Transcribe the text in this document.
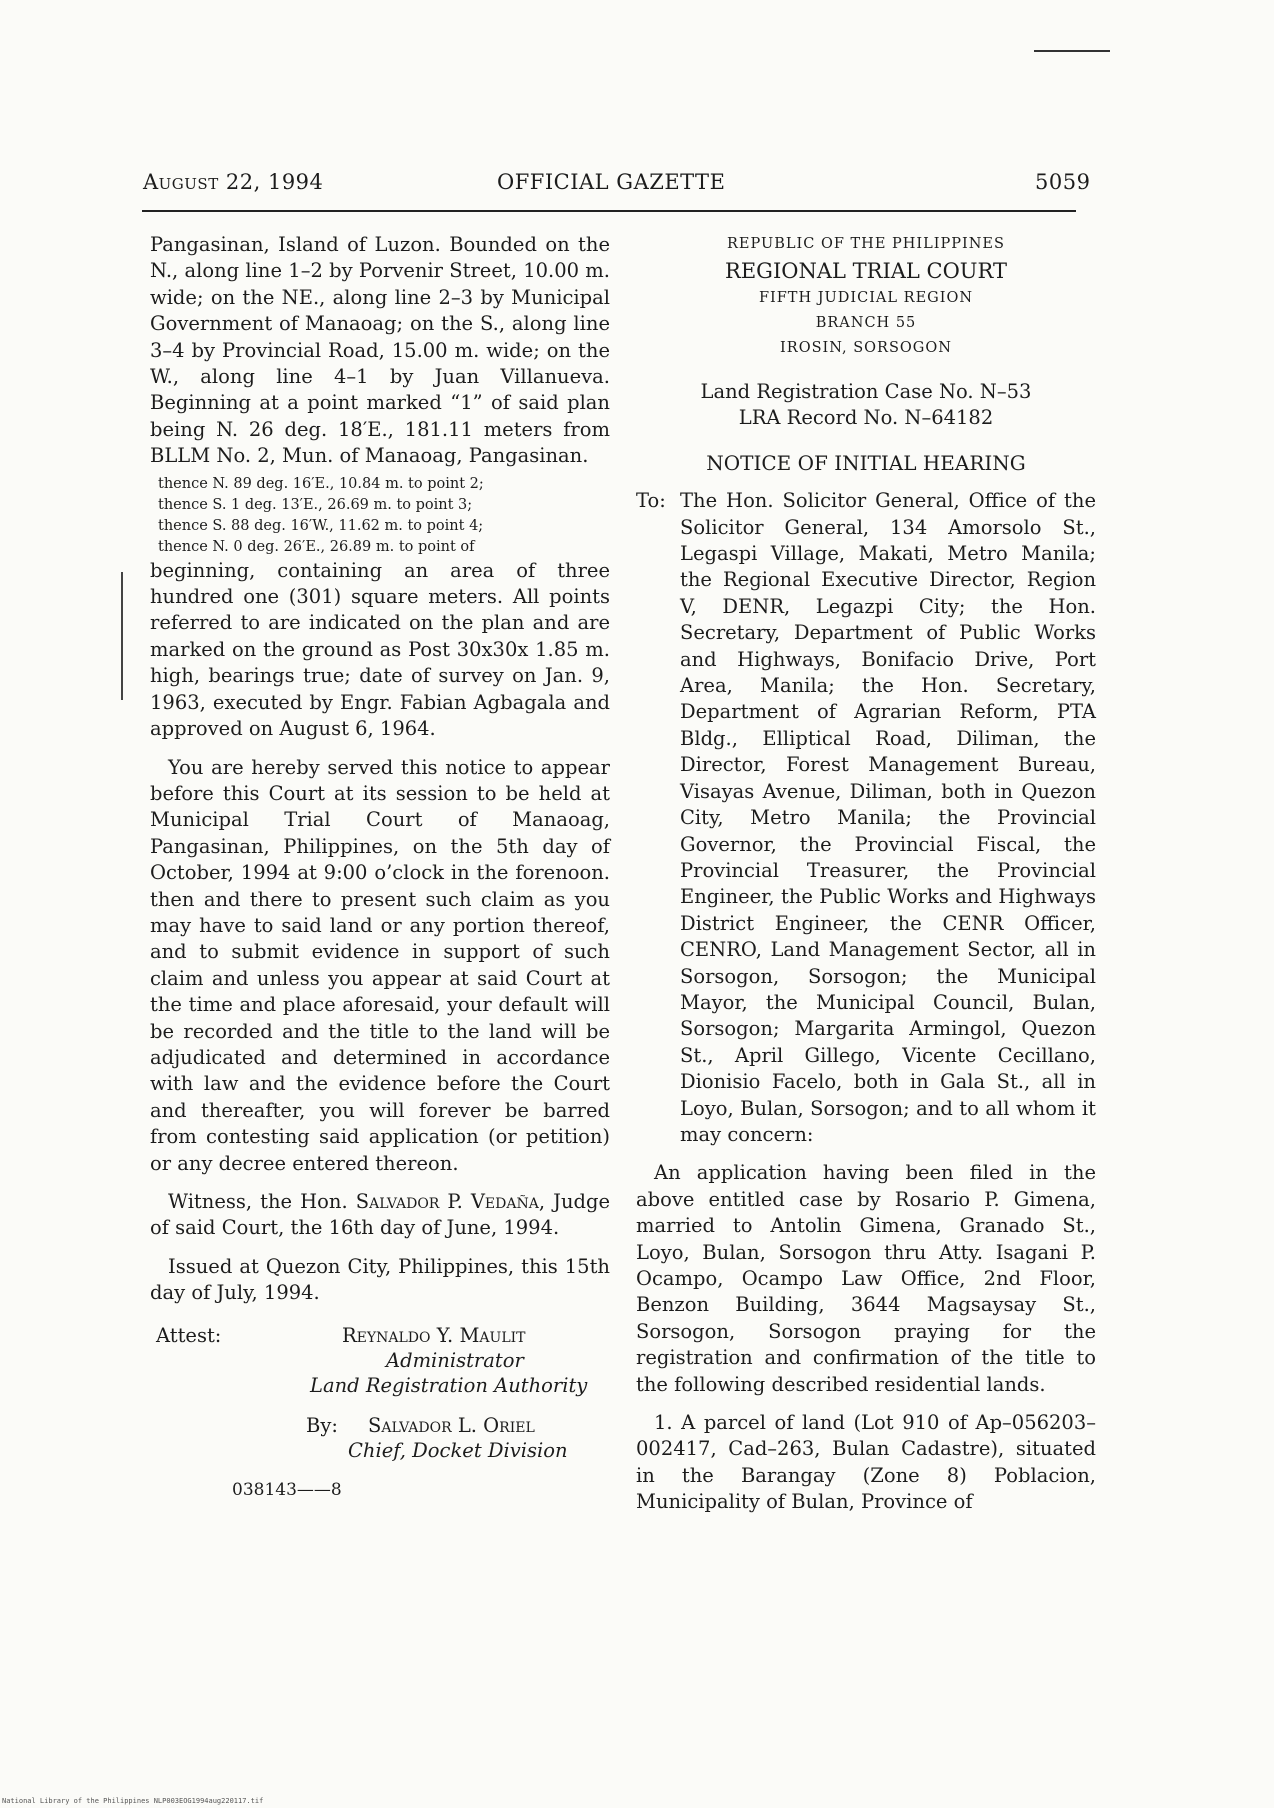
August 22, 1994	OFFICIAL GAZETTE	5059

Pangasinan, Island of Luzon. Bounded on the N., along line 1–2 by Porvenir Street, 10.00 m. wide; on the NE., along line 2–3 by Municipal Government of Manaoag; on the S., along line 3–4 by Provincial Road, 15.00 m. wide; on the W., along line 4–1 by Juan Villanueva. Beginning at a point marked “1” of said plan being N. 26 deg. 18′E., 181.11 meters from BLLM No. 2, Mun. of Manaoag, Pangasinan.

thence N. 89 deg. 16′E., 10.84 m. to point 2;

thence S. 1 deg. 13′E., 26.69 m. to point 3;

thence S. 88 deg. 16′W., 11.62 m. to point 4;

thence N. 0 deg. 26′E., 26.89 m. to point of

beginning, containing an area of three hundred one (301) square meters. All points referred to are indicated on the plan and are marked on the ground as Post 30x30x 1.85 m. high, bearings true; date of survey on Jan. 9, 1963, executed by Engr. Fabian Agbagala and approved on August 6, 1964.

You are hereby served this notice to appear before this Court at its session to be held at Municipal Trial Court of Manaoag, Pangasinan, Philippines, on the 5th day of October, 1994 at 9:00 o’clock in the forenoon. then and there to present such claim as you may have to said land or any portion thereof, and to submit evidence in support of such claim and unless you appear at said Court at the time and place aforesaid, your default will be recorded and the title to the land will be adjudicated and determined in accordance with law and the evidence before the Court and thereafter, you will forever be barred from contesting said application (or petition) or any decree entered thereon.

Witness, the Hon. Salvador P. Vedaña, Judge of said Court, the 16th day of June, 1994.

Issued at Quezon City, Philippines, this 15th day of July, 1994.

Attest:	Reynaldo Y. Maulit
Administrator
Land Registration Authority
By: Salvador L. Oriel
Chief, Docket Division

038143——8

REPUBLIC OF THE PHILIPPINES

REGIONAL TRIAL COURT

FIFTH JUDICIAL REGION

BRANCH 55

IROSIN, SORSOGON

Land Registration Case No. N–53

LRA Record No. N–64182

NOTICE OF INITIAL HEARING

To: The Hon. Solicitor General, Office of the Solicitor General, 134 Amorsolo St., Legaspi Village, Makati, Metro Manila; the Regional Executive Director, Region V, DENR, Legazpi City; the Hon. Secretary, Department of Public Works and Highways, Bonifacio Drive, Port Area, Manila; the Hon. Secretary, Department of Agrarian Reform, PTA Bldg., Elliptical Road, Diliman, the Director, Forest Management Bureau, Visayas Avenue, Diliman, both in Quezon City, Metro Manila; the Provincial Governor, the Provincial Fiscal, the Provincial Treasurer, the Provincial Engineer, the Public Works and Highways District Engineer, the CENR Officer, CENRO, Land Management Sector, all in Sorsogon, Sorsogon; the Municipal Mayor, the Municipal Council, Bulan, Sorsogon; Margarita Armingol, Quezon St., April Gillego, Vicente Cecillano, Dionisio Facelo, both in Gala St., all in Loyo, Bulan, Sorsogon; and to all whom it may concern:

An application having been filed in the above entitled case by Rosario P. Gimena, married to Antolin Gimena, Granado St., Loyo, Bulan, Sorsogon thru Atty. Isagani P. Ocampo, Ocampo Law Office, 2nd Floor, Benzon Building, 3644 Magsaysay St., Sorsogon, Sorsogon praying for the registration and confirmation of the title to the following described residential lands.

1. A parcel of land (Lot 910 of Ap–056203–002417, Cad–263, Bulan Cadastre), situated in the Barangay (Zone 8) Poblacion, Municipality of Bulan, Province of

National Library of the Philippines NLP003EOG1994aug220117.tif
